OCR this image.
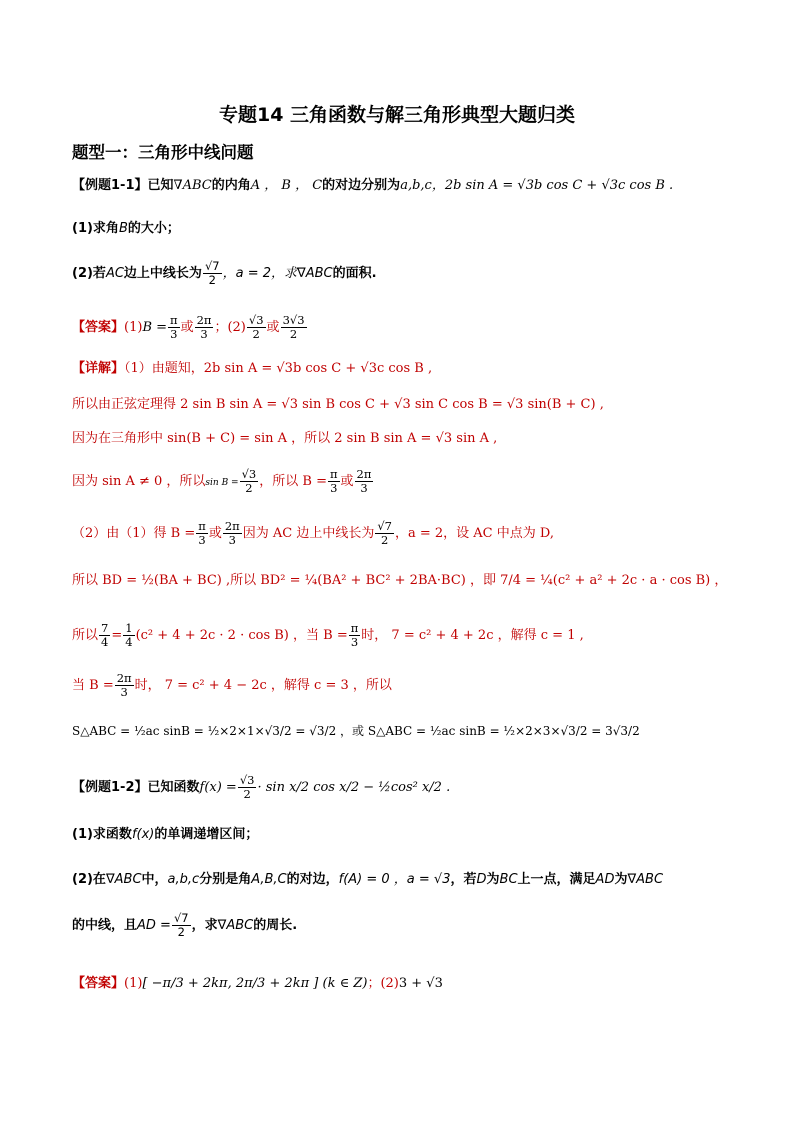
专题14 三角函数与解三角形典型大题归类
题型一：三角形中线问题
【例题1-1】已知∇ABC的内角A ， B ， C的对边分别为a,b,c，2b sin A = √3b cos C + √3c cos B .
(1)求角B的大小；
(2)若AC边上中线长为 $\frac{√7}{2}$ ，a = 2，求∇ABC的面积.
【答案】$(1)B = \frac{\pi}{3}$ 或 $\frac{2\pi}{3}$ ；$(2) \frac{√3}{2}$ 或 $\frac{3√3}{2}$
【详解】（1）由题知，2b sin A = √3b cos C + √3c cos B ,
所以由正弦定理得 2 sin B sin A = √3 sin B cos C + √3 sin C cos B = √3 sin(B + C) ,
因为在三角形中 sin(B + C) = sin A ，所以 2 sin B sin A = √3 sin A ,
因为 sin A ≠ 0 ，所以$\sin B = \frac{√3}{2}$ ，所以 $B = \frac{\pi}{3}$ 或 $\frac{2\pi}{3}$
（2）由（1）得 $B = \frac{\pi}{3}$ 或 $\frac{2\pi}{3}$ 因为 AC 边上中线长为 $\frac{√7}{2}$ ，a = 2，设 AC 中点为 D,
所以 BD = ½(BA + BC) ,所以 BD² = ¼(BA² + BC² + 2BA·BC) ，即 7/4 = ¼(c² + a² + 2c · a · cos B) ，
所以 $\frac{7}{4} = \frac{1}{4} (c^2 + 4 + 2c \cdot 2 \cdot \cos B)$ ，当 $B = \frac{\pi}{3}$ 时， 7 = c² + 4 + 2c ，解得 c = 1 ,
当 $B = \frac{2\pi}{3}$ 时， 7 = c² + 4 − 2c ，解得 c = 3 ，所以
S△ABC = ½ac sinB = ½×2×1×√3/2 = √3/2 ，或 S△ABC = ½ac sinB = ½×2×3×√3/2 = 3√3/2
【例题1-2】已知函数$f(x) = \frac{√3}{2} \cdot \sin x/2$ cos x/2 − ½cos² x/2 .
(1)求函数f(x)的单调递增区间；
(2)在∇ABC中，a,b,c分别是角A,B,C的对边，f(A) = 0 ，a = √3，若D为BC上一点，满足AD为∇ABC
的中线，且AD = $\frac{√7}{2}$ ，求∇ABC的周长.
【答案】(1)[ −π/3 + 2kπ, 2π/3 + 2kπ ] (k ∈ Z)；(2)3 + √3
